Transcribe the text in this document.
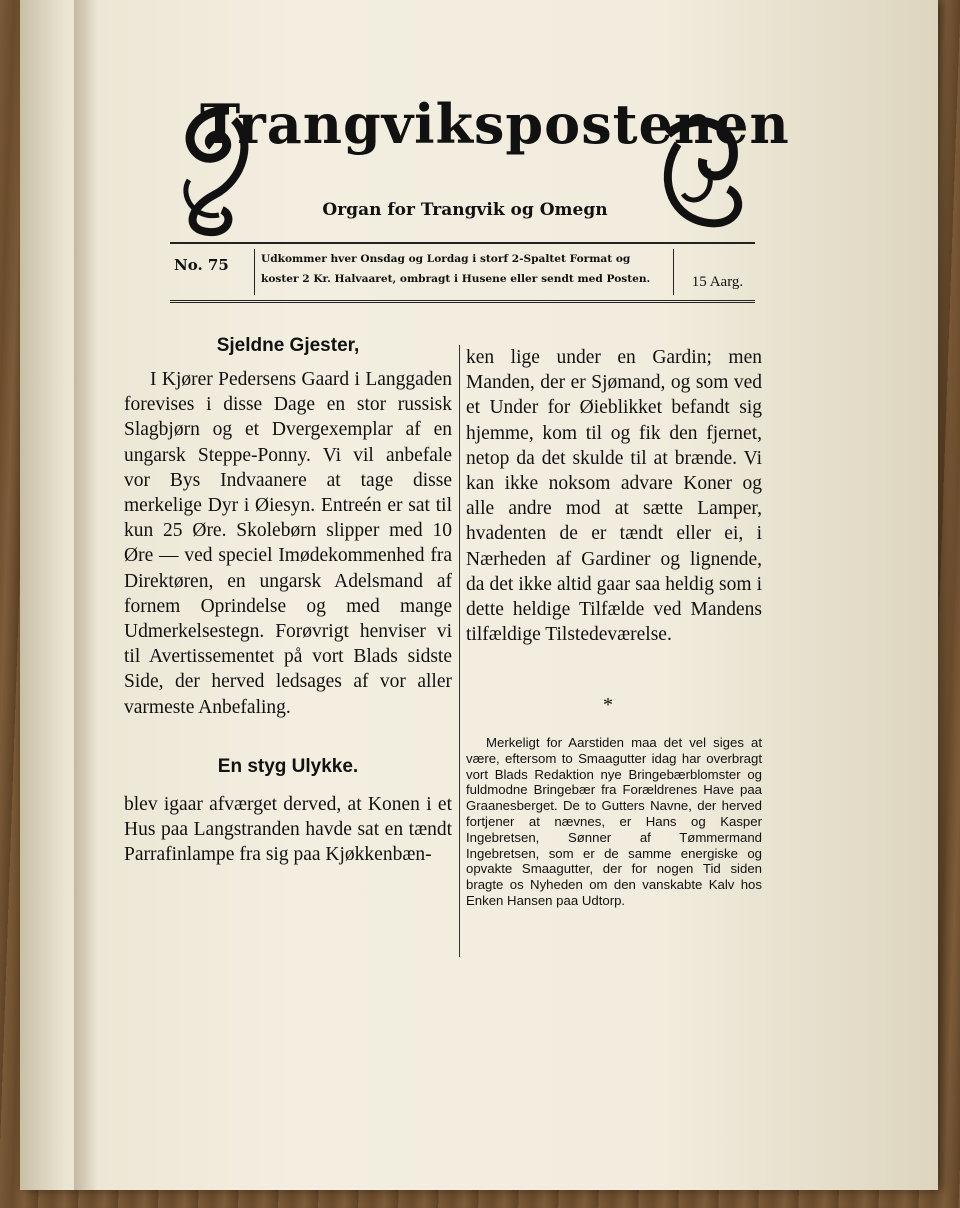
Trangvikspostenen
Organ for Trangvik og Omegn
No. 75	Udkommer hver Onsdag og Lordag i storf 2-Spaltet Format og koster 2 Kr. Halvaaret, ombragt i Husene eller sendt med Posten.	15 Aarg.

Sjeldne Gjester,

I Kjører Pedersens Gaard i Langgaden forevises i disse Dage en stor russisk Slagbjørn og et Dvergexemplar af en ungarsk Steppe-Ponny. Vi vil anbefale vor Bys Indvaanere at tage disse merkelige Dyr i Øiesyn. Entreén er sat til kun 25 Øre. Skolebørn slipper med 10 Øre — ved speciel Imødekommenhed fra Direktøren, en ungarsk Adelsmand af fornem Oprindelse og med mange Udmerkelsestegn. Forøvrigt henviser vi til Avertissementet på vort Blads sidste Side, der herved ledsages af vor aller varmeste Anbefaling.

En styg Ulykke.

blev igaar afværget derved, at Konen i et Hus paa Langstranden havde sat en tændt Parrafinlampe fra sig paa Kjøkkenbæn-

ken lige under en Gardin; men Manden, der er Sjømand, og som ved et Under for Øieblikket befandt sig hjemme, kom til og fik den fjernet, netop da det skulde til at brænde. Vi kan ikke noksom advare Koner og alle andre mod at sætte Lamper, hvadenten de er tændt eller ei, i Nærheden af Gardiner og lignende, da det ikke altid gaar saa heldig som i dette heldige Tilfælde ved Mandens tilfældige Tilstedeværelse.

*

Merkeligt for Aarstiden maa det vel siges at være, eftersom to Smaagutter idag har overbragt vort Blads Redaktion nye Bringebærblomster og fuldmodne Bringebær fra Forældrenes Have paa Graanesberget. De to Gutters Navne, der herved fortjener at nævnes, er Hans og Kasper Ingebretsen, Sønner af Tømmermand Ingebretsen, som er de samme energiske og opvakte Smaagutter, der for nogen Tid siden bragte os Nyheden om den vanskabte Kalv hos Enken Hansen paa Udtorp.
